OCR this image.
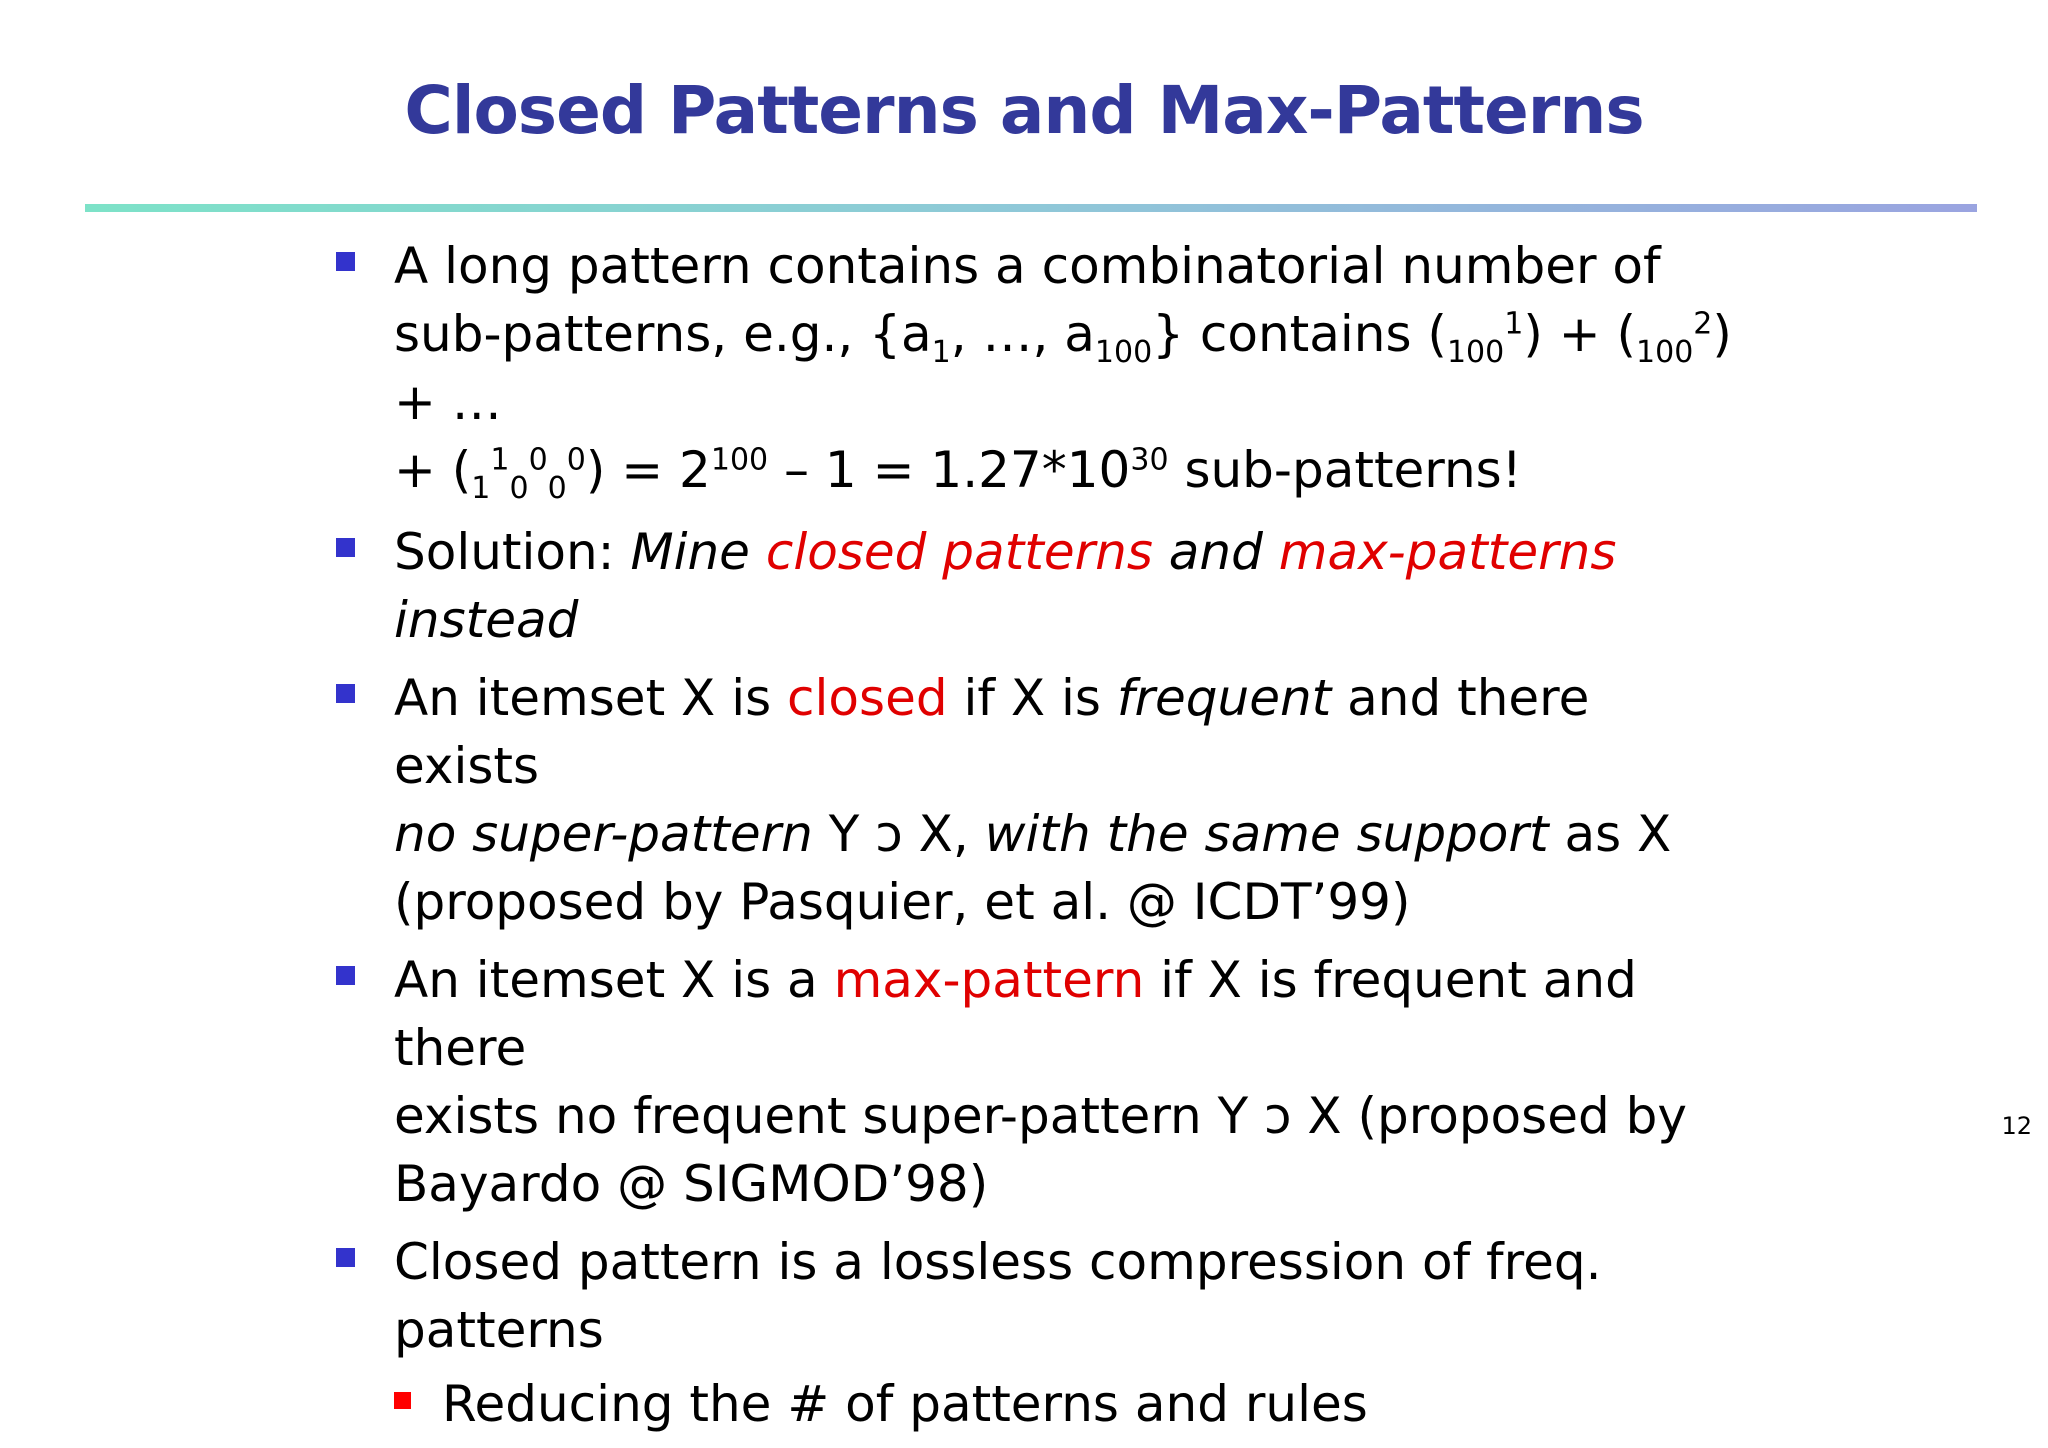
Closed Patterns and Max-Patterns
A long pattern contains a combinatorial number of
sub-patterns, e.g., {$a_1$, …, $a_{100}$} contains $(_{100}^1) + (_{100}^2)$ + …
+ $(_1^1_0^0_0^0) = 2^{100} - 1 = 1.27*10^{30}$ sub-patterns!
Solution: Mine closed patterns and max-patterns instead
An itemset X is closed if X is frequent and there exists
no super-pattern Y ɔ X, with the same support as X
(proposed by Pasquier, et al. @ ICDT’99)
An itemset X is a max-pattern if X is frequent and there
exists no frequent super-pattern Y ɔ X (proposed by
Bayardo @ SIGMOD’98)
Closed pattern is a lossless compression of freq.
patterns
Reducing the # of patterns and rules
12
